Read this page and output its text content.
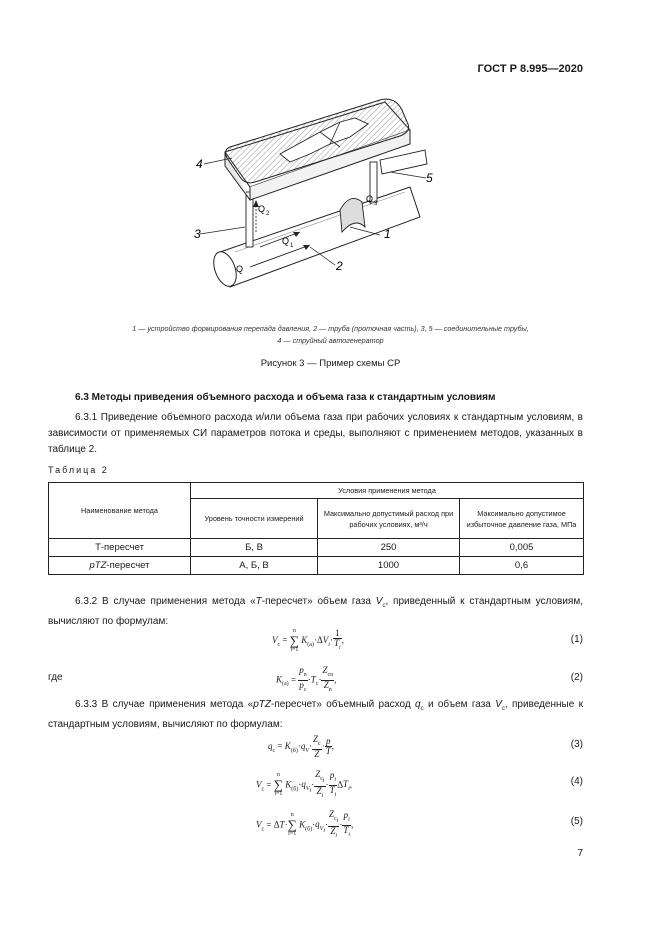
ГОСТ Р 8.995—2020
4
3	1
2
5
Q
Q 1
Q 2
Q 3
1 — устройство формирования перепада давления, 2 — труба (проточная часть), 3, 5 — соединительные трубы,
4 — струйный автогенератор
Рисунок 3 — Пример схемы СР
6.3 Методы приведения объемного расхода и объема газа к стандартным условиям
6.3.1 Приведение объемного расхода и/или объема газа при рабочих условиях к стандартным условиям, в зависимости от применяемых СИ параметров потока и среды, выполняют с применением методов, указанных в таблице 2.
Таблица 2
Наименование метода	Условия применения метода		
	Уровень точности измерений	Максимально допустимый расход при рабочих условиях, м³/ч	Максимально допустимое избыточное давление газа, МПа
Т-пересчет	Б, В	250	0,005
pTZ-пересчет	А, Б, В	1000	0,6
6.3.2 В случае применения метода «Т-пересчет» объем газа $V_c$, приведенный к стандартным условиям, вычисляют по формулам:
$V_c = n$
∑
i=1 $K_{(а)}\cdot\Delta V_i\cdot \frac{1}{T_i}$ ,	(1)
где	$K_{(а)} = \frac{p_n}{p_c} \cdot T_c\cdot \frac{Z_{cn}}{Z_n}$ ,	(2)
6.3.3 В случае применения метода «pTZ-пересчет» объемный расход $q_c$ и объем газа $V_c$, приведенные к стандартным условиям, вычисляют по формулам:
$q_c = K_{(б)}\cdot q_V\cdot \frac{Z_c}{Z} \cdot \frac{p}{T}$ ,	(3)
$V_c = n$
∑
i=1 $K_{(б)}\cdot q_{V_i}\cdot \frac{Z_{c_i}}{Z_i} \cdot \frac{p_i}{T_i} \Delta T_i$,	(4)
$V_c = \Delta T\cdot n$
∑
i=1 $K_{(б)}\cdot q_{V_i}\cdot \frac{Z_{c_i}}{Z_i} \cdot \frac{p_i}{T_i}$ ,	(5)
7
